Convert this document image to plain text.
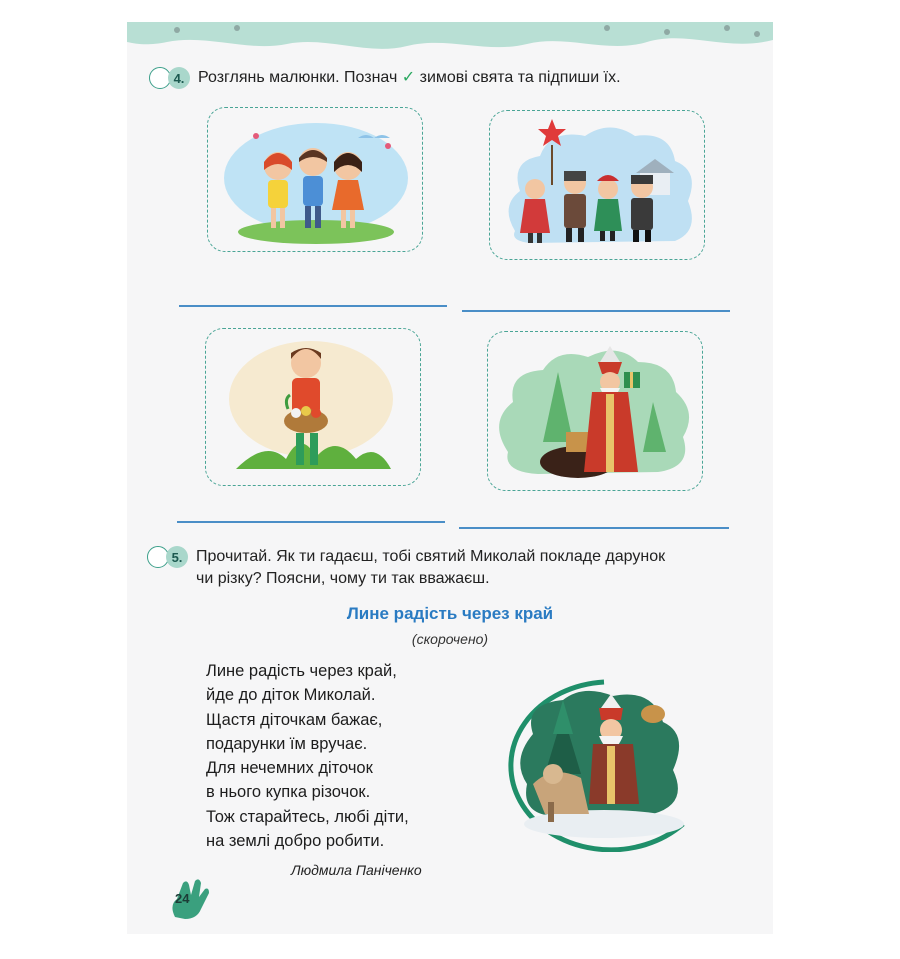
4. Розглянь малюнки. Познач ✓ зимові свята та підпиши їх.
5. Прочитай. Як ти гадаєш, тобі святий Миколай покладе дарунок
чи різку? Поясни, чому ти так вважаєш.
Лине радість через край
(скорочено)
Лине радість через край,
йде до діток Миколай.
Щастя діточкам бажає,
подарунки їм вручає.
Для нечемних діточок
в нього купка різочок.
Тож старайтесь, любі діти,
на землі добро робити.
Людмила Паніченко
24
